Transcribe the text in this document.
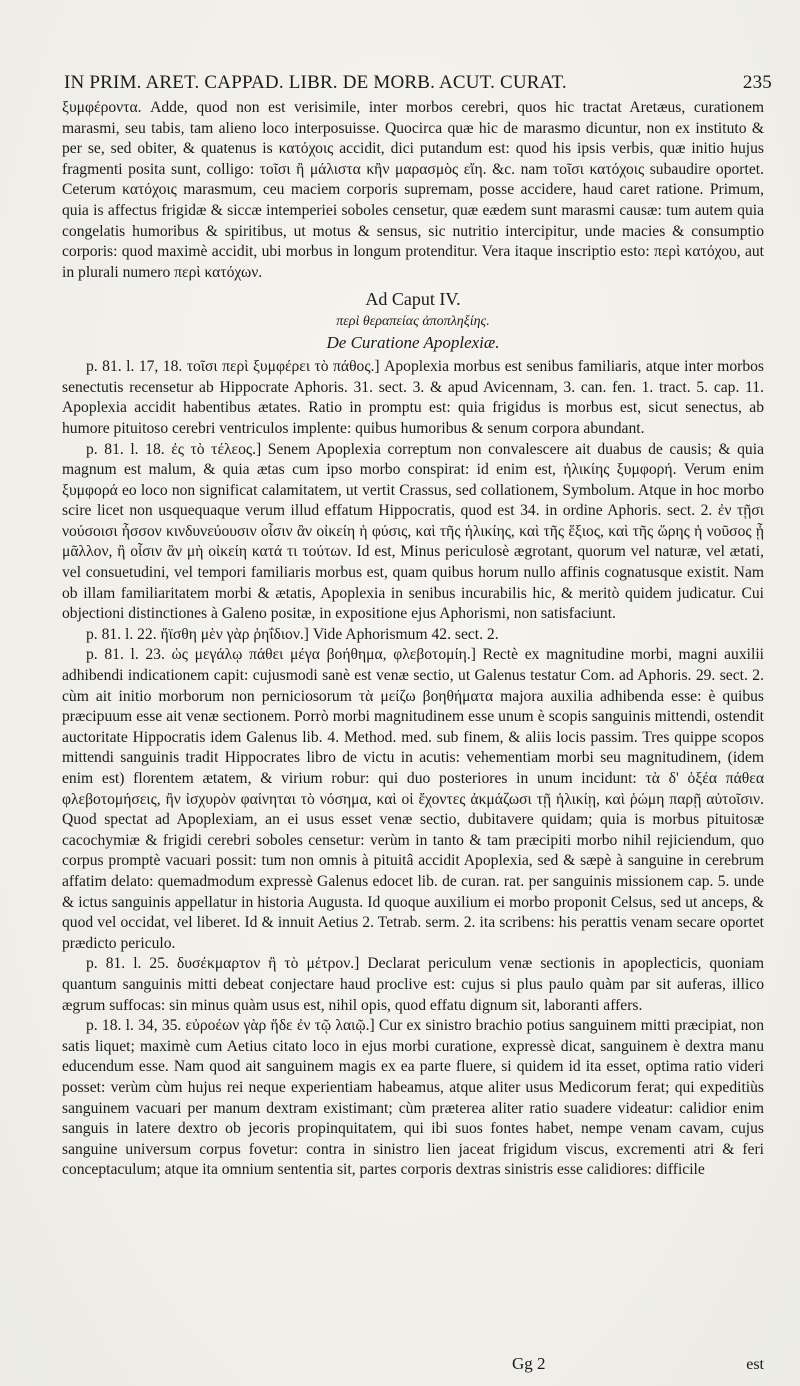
IN PRIM. ARET. CAPPAD. LIBR. DE MORB. ACUT. CURAT.	235

ξυμφέροντα. Adde, quod non est verisimile, inter morbos cerebri, quos hic tractat Aretæus, curationem marasmi, seu tabis, tam alieno loco interposuisse. Quocirca quæ hic de marasmo dicuntur, non ex instituto & per se, sed obiter, & quatenus is κατόχοις accidit, dici putandum est: quod his ipsis verbis, quæ initio hujus fragmenti posita sunt, colligo: τοῖσι ἢ μάλιστα κἢν μαρασμὸς εἴη. &c. nam τοῖσι κατόχοις subaudire oportet. Ceterum κατόχοις marasmum, ceu maciem corporis supremam, posse accidere, haud caret ratione. Primum, quia is affectus frigidæ & siccæ intemperiei soboles censetur, quæ eædem sunt marasmi causæ: tum autem quia congelatis humoribus & spiritibus, ut motus & sensus, sic nutritio intercipitur, unde macies & consumptio corporis: quod maximè accidit, ubi morbus in longum protenditur. Vera itaque inscriptio esto: περὶ κατόχου, aut in plurali numero περὶ κατόχων.

Ad Caput IV.
περὶ θεραπείας ἀποπληξίης.
De Curatione Apoplexiæ.

p. 81. l. 17, 18. τοῖσι περὶ ξυμφέρει τὸ πάθος.] Apoplexia morbus est senibus familiaris, atque inter morbos senectutis recensetur ab Hippocrate Aphoris. 31. sect. 3. & apud Avicennam, 3. can. fen. 1. tract. 5. cap. 11. Apoplexia accidit habentibus ætates. Ratio in promptu est: quia frigidus is morbus est, sicut senectus, ab humore pituitoso cerebri ventriculos implente: quibus humoribus & senum corpora abundant.

p. 81. l. 18. ἐς τὸ τέλεος.] Senem Apoplexia correptum non convalescere ait duabus de causis; & quia magnum est malum, & quia ætas cum ipso morbo conspirat: id enim est, ἡλικίης ξυμφορή. Verum enim ξυμφορά eo loco non significat calamitatem, ut vertit Crassus, sed collationem, Symbolum. Atque in hoc morbo scire licet non usquequaque verum illud effatum Hippocratis, quod est 34. in ordine Aphoris. sect. 2. ἐν τῇσι νούσοισι ἧσσον κινδυνεύουσιν οἷσιν ἂν οἰκείη ἡ φύσις, καὶ τῆς ἡλικίης, καὶ τῆς ἕξιος, καὶ τῆς ὥρης ἡ νοῦσος ᾖ μᾶλλον, ἢ οἷσιν ἂν μὴ οἰκείη κατά τι τούτων. Id est, Minus periculosè ægrotant, quorum vel naturæ, vel ætati, vel consuetudini, vel tempori familiaris morbus est, quam quibus horum nullo affinis cognatusque existit. Nam ob illam familiaritatem morbi & ætatis, Apoplexia in senibus incurabilis hic, & meritò quidem judicatur. Cui objectioni distinctiones à Galeno positæ, in expositione ejus Aphorismi, non satisfaciunt.

p. 81. l. 22. ἤϊσθη μὲν γὰρ ῥηΐδιον.] Vide Aphorismum 42. sect. 2.

p. 81. l. 23. ὡς μεγάλῳ πάθει μέγα βοήθημα, φλεβοτομίη.] Rectè ex magnitudine morbi, magni auxilii adhibendi indicationem capit: cujusmodi sanè est venæ sectio, ut Galenus testatur Com. ad Aphoris. 29. sect. 2. cùm ait initio morborum non perniciosorum τὰ μείζω βοηθήματα majora auxilia adhibenda esse: è quibus præcipuum esse ait venæ sectionem. Porrò morbi magnitudinem esse unum è scopis sanguinis mittendi, ostendit auctoritate Hippocratis idem Galenus lib. 4. Method. med. sub finem, & aliis locis passim. Tres quippe scopos mittendi sanguinis tradit Hippocrates libro de victu in acutis: vehementiam morbi seu magnitudinem, (idem enim est) florentem ætatem, & virium robur: qui duo posteriores in unum incidunt: τὰ δ' ὀξέα πάθεα φλεβοτομήσεις, ἢν ἰσχυρὸν φαίνηται τὸ νόσημα, καὶ οἱ ἔχοντες ἀκμάζωσι τῇ ἡλικίῃ, καὶ ῥώμη παρῇ αὐτοῖσιν. Quod spectat ad Apoplexiam, an ei usus esset venæ sectio, dubitavere quidam; quia is morbus pituitosæ cacochymiæ & frigidi cerebri soboles censetur: verùm in tanto & tam præcipiti morbo nihil rejiciendum, quo corpus promptè vacuari possit: tum non omnis à pituitâ accidit Apoplexia, sed & sæpè à sanguine in cerebrum affatim delato: quemadmodum expressè Galenus edocet lib. de curan. rat. per sanguinis missionem cap. 5. unde & ictus sanguinis appellatur in historia Augusta. Id quoque auxilium ei morbo proponit Celsus, sed ut anceps, & quod vel occidat, vel liberet. Id & innuit Aetius 2. Tetrab. serm. 2. ita scribens: his perattis venam secare oportet prædicto periculo.

p. 81. l. 25. δυσέκμαρτον ἢ τὸ μέτρον.] Declarat periculum venæ sectionis in apoplecticis, quoniam quantum sanguinis mitti debeat conjectare haud proclive est: cujus si plus paulo quàm par sit auferas, illico ægrum suffocas: sin minus quàm usus est, nihil opis, quod effatu dignum sit, laboranti affers.

p. 18. l. 34, 35. εὐροέων γὰρ ἥδε ἐν τῷ λαιῷ.] Cur ex sinistro brachio potius sanguinem mitti præcipiat, non satis liquet; maximè cum Aetius citato loco in ejus morbi curatione, expressè dicat, sanguinem è dextra manu educendum esse. Nam quod ait sanguinem magis ex ea parte fluere, si quidem id ita esset, optima ratio videri posset: verùm cùm hujus rei neque experientiam habeamus, atque aliter usus Medicorum ferat; qui expeditiùs sanguinem vacuari per manum dextram existimant; cùm præterea aliter ratio suadere videatur: calidior enim sanguis in latere dextro ob jecoris propinquitatem, qui ibi suos fontes habet, nempe venam cavam, cujus sanguine universum corpus fovetur: contra in sinistro lien jaceat frigidum viscus, excrementi atri & feri conceptaculum; atque ita omnium sententia sit, partes corporis dextras sinistris esse calidiores: difficile

Gg 2	est
